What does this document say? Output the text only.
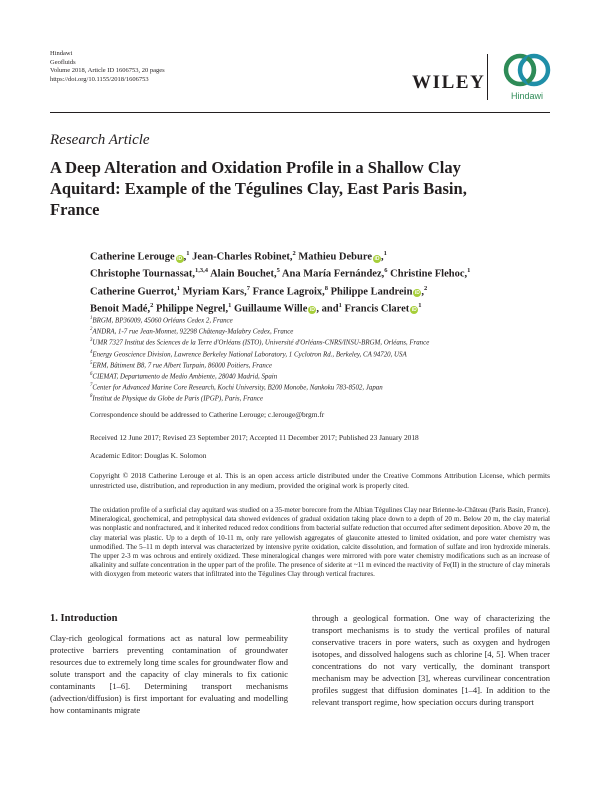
Hindawi
Geofluids
Volume 2018, Article ID 1606753, 20 pages
https://doi.org/10.1155/2018/1606753	WILEY
Hindawi
Research Article
A Deep Alteration and Oxidation Profile in a Shallow Clay Aquitard: Example of the Tégulines Clay, East Paris Basin, France
Catherine Lerouge iD ,$^1$ Jean-Charles Robinet,$^2$ Mathieu Debure iD ,$^1$
Christophe Tournassat,$^{1,3,4}$ Alain Bouchet,$^5$ Ana María Fernández,$^6$ Christine Flehoc,$^1$
Catherine Guerrot,$^1$ Myriam Kars,$^7$ France Lagroix,$^8$ Philippe Landrein iD ,$^2$
Benoit Madé,$^2$ Philippe Negrel,$^1$ Guillaume Wille iD , and$^1$ Francis Claret $iD^1$
$^1$BRGM, BP36009, 45060 Orléans Cedex 2, France
$^2$ANDRA, 1-7 rue Jean-Monnet, 92298 Châtenay-Malabry Cedex, France
$^3$UMR 7327 Institut des Sciences de la Terre d'Orléans (ISTO), Université d'Orléans-CNRS/INSU-BRGM, Orléans, France
$^4$Energy Geoscience Division, Lawrence Berkeley National Laboratory, 1 Cyclotron Rd., Berkeley, CA 94720, USA
$^5$ERM, Bâtiment B8, 7 rue Albert Turpain, 86000 Poitiers, France
$^6$CIEMAT, Departamento de Medio Ambiente, 28040 Madrid, Spain
$^7$Center for Advanced Marine Core Research, Kochi University, B200 Monobe, Nankoku 783-8502, Japan
$^8$Institut de Physique du Globe de Paris (IPGP), Paris, France
Correspondence should be addressed to Catherine Lerouge; c.lerouge@brgm.fr
Received 12 June 2017; Revised 23 September 2017; Accepted 11 December 2017; Published 23 January 2018
Academic Editor: Douglas K. Solomon
Copyright © 2018 Catherine Lerouge et al. This is an open access article distributed under the Creative Commons Attribution License, which permits unrestricted use, distribution, and reproduction in any medium, provided the original work is properly cited.
The oxidation profile of a surficial clay aquitard was studied on a 35-meter borecore from the Albian Tégulines Clay near Brienne-le-Château (Paris Basin, France). Mineralogical, geochemical, and petrophysical data showed evidences of gradual oxidation taking place down to a depth of 20 m. Below 20 m, the clay material was nonplastic and nonfractured, and it inherited reduced redox conditions from bacterial sulfate reduction that occurred after sediment deposition. Above 20 m, the clay material was plastic. Up to a depth of 10-11 m, only rare yellowish aggregates of glauconite attested to limited oxidation, and pore water chemistry was unmodified. The 5–11 m depth interval was characterized by intensive pyrite oxidation, calcite dissolution, and formation of sulfate and iron hydroxide minerals. The upper 2-3 m was ochrous and entirely oxidized. These mineralogical changes were mirrored with pore water chemistry modifications such as an increase of alkalinity and sulfate concentration in the upper part of the profile. The presence of siderite at ~11 m evinced the reactivity of Fe(II) in the structure of clay minerals with dioxygen from meteoric waters that infiltrated into the Tégulines Clay through vertical fractures.
1. Introduction
Clay-rich geological formations act as natural low permeability protective barriers preventing contamination of groundwater resources due to extremely long time scales for groundwater flow and solute transport and the capacity of clay minerals to fix cationic contaminants [1–6]. Determining transport mechanisms (advection/diffusion) is first important for evaluating and modelling how contaminants migrate
through a geological formation. One way of characterizing the transport mechanisms is to study the vertical profiles of natural conservative tracers in pore waters, such as oxygen and hydrogen isotopes, and dissolved halogens such as chlorine [4, 5]. When tracer concentrations do not vary vertically, the dominant transport mechanism may be advection [3], whereas curvilinear concentration profiles suggest that diffusion dominates [1–4]. In addition to the relevant transport regime, how speciation occurs during transport
